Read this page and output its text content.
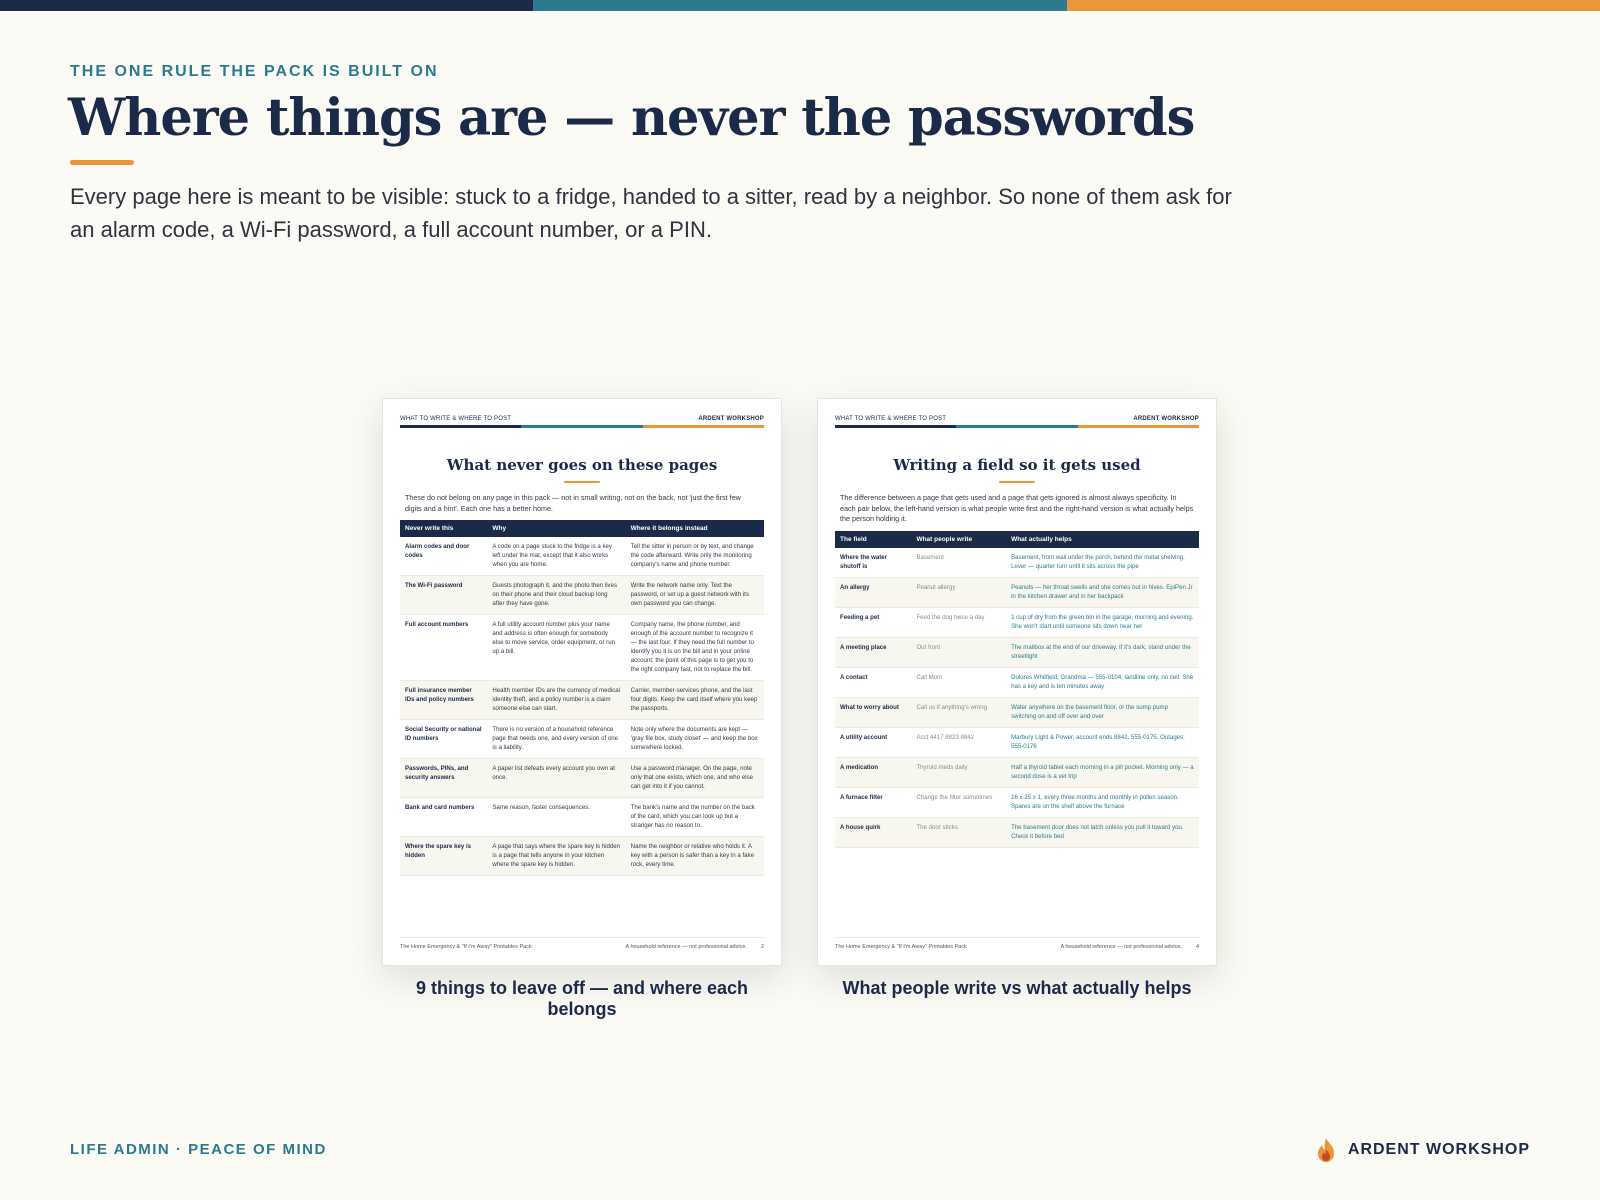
THE ONE RULE THE PACK IS BUILT ON
Where things are — never the passwords

Every page here is meant to be visible: stuck to a fridge, handed to a sitter, read by a neighbor. So none of them ask for an alarm code, a Wi-Fi password, a full account number, or a PIN.

WHAT TO WRITE & WHERE TO POST	ARDENT WORKSHOP
What never goes on these pages

These do not belong on any page in this pack — not in small writing, not on the back, not 'just the first few digits and a hint'. Each one has a better home.

Never write this	Why	Where it belongs instead
Alarm codes and door codes	A code on a page stuck to the fridge is a key left under the mat, except that it also works when you are home.	Tell the sitter in person or by text, and change the code afterward. Write only the monitoring company's name and phone number.
The Wi-Fi password	Guests photograph it, and the photo then lives on their phone and their cloud backup long after they have gone.	Write the network name only. Text the password, or set up a guest network with its own password you can change.
Full account numbers	A full utility account number plus your name and address is often enough for somebody else to move service, order equipment, or run up a bill.	Company name, the phone number, and enough of the account number to recognize it — the last four. If they need the full number to identify you it is on the bill and in your online account; the point of this page is to get you to the right company fast, not to replace the bill.
Full insurance member IDs and policy numbers	Health member IDs are the currency of medical identity theft, and a policy number is a claim someone else can start.	Carrier, member-services phone, and the last four digits. Keep the card itself where you keep the passports.
Social Security or national ID numbers	There is no version of a household reference page that needs one, and every version of one is a liability.	Note only where the documents are kept — 'gray file box, study closet' — and keep the box somewhere locked.
Passwords, PINs, and security answers	A paper list defeats every account you own at once.	Use a password manager. On the page, note only that one exists, which one, and who else can get into it if you cannot.
Bank and card numbers	Same reason, faster consequences.	The bank's name and the number on the back of the card, which you can look up but a stranger has no reason to.
Where the spare key is hidden	A page that says where the spare key is hidden is a page that tells anyone in your kitchen where the spare key is hidden.	Name the neighbor or relative who holds it. A key with a person is safer than a key in a fake rock, every time.
The Home Emergency & "If I'm Away" Printables Pack	A household reference — not professional advice.	2
9 things to leave off — and where each belongs
WHAT TO WRITE & WHERE TO POST	ARDENT WORKSHOP
Writing a field so it gets used

The difference between a page that gets used and a page that gets ignored is almost always specificity. In each pair below, the left-hand version is what people write first and the right-hand version is what actually helps the person holding it.

The field	What people write	What actually helps
Where the water shutoff is	Basement	Basement, front wall under the porch, behind the metal shelving. Lever — quarter turn until it sits across the pipe
An allergy	Peanut allergy	Peanuts — her throat swells and she comes out in hives. EpiPen Jr in the kitchen drawer and in her backpack
Feeding a pet	Feed the dog twice a day	1 cup of dry from the green bin in the garage, morning and evening. She won't start until someone sits down near her
A meeting place	Out front	The mailbox at the end of our driveway. If it's dark, stand under the streetlight
A contact	Call Mom	Dolores Whitfield, Grandma — 555-0104, landline only, no cell. She has a key and is ten minutes away
What to worry about	Call us if anything's wrong	Water anywhere on the basement floor, or the sump pump switching on and off over and over
A utility account	Acct 4417 8823 8842	Marbury Light & Power, account ends 8842, 555-0175. Outages: 555-0176
A medication	Thyroid meds daily	Half a thyroid tablet each morning in a pill pocket. Morning only — a second dose is a vet trip
A furnace filter	Change the filter sometimes	16 x 25 x 1, every three months and monthly in pollen season. Spares are on the shelf above the furnace
A house quirk	The door sticks	The basement door does not latch unless you pull it toward you. Check it before bed
The Home Emergency & "If I'm Away" Printables Pack	A household reference — not professional advice.	4
What people write vs what actually helps
LIFE ADMIN · PEACE OF MIND	ARDENT WORKSHOP
